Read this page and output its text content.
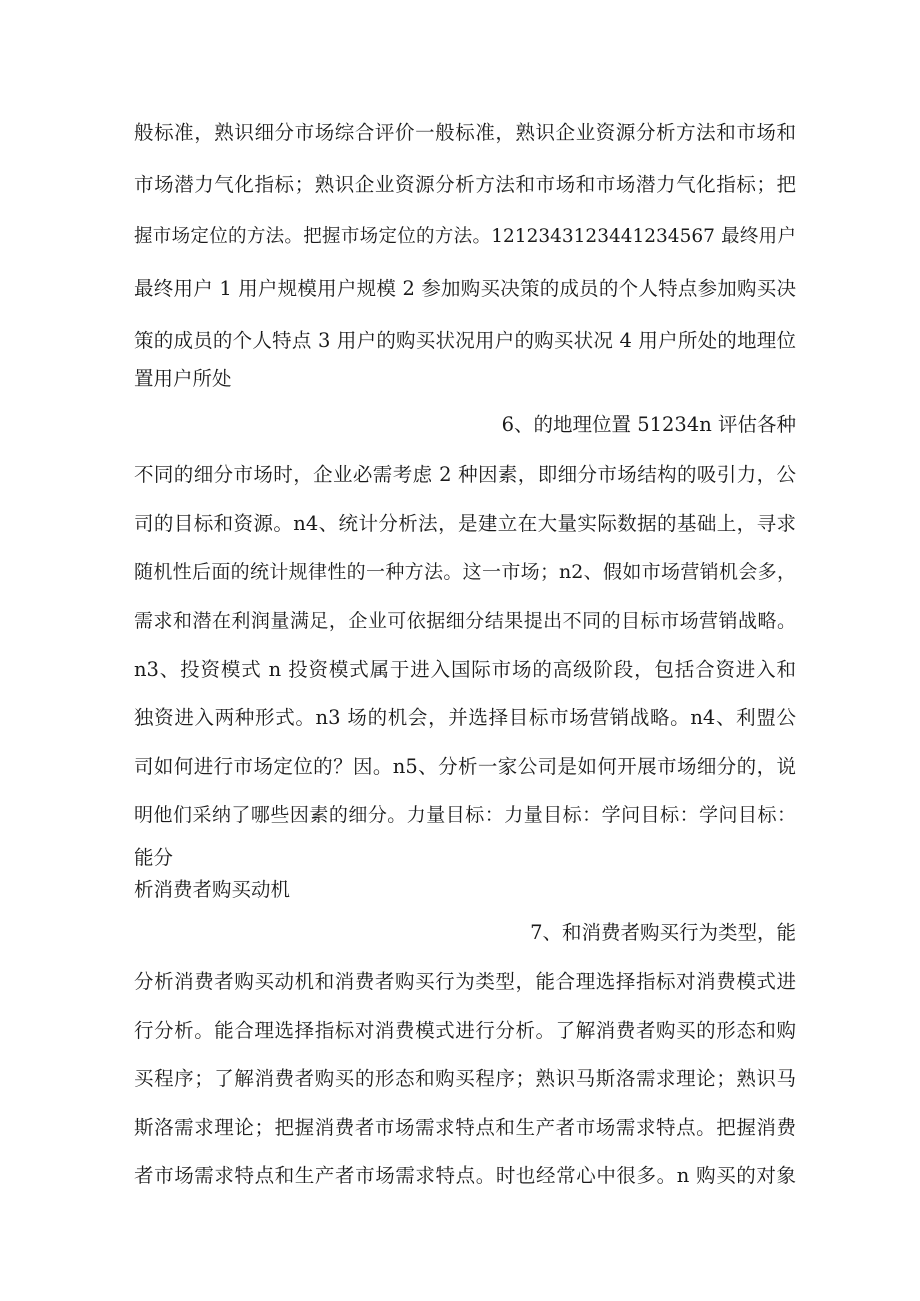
般标准，熟识细分市场综合评价一般标准，熟识企业资源分析方法和市场和
市场潜力气化指标；熟识企业资源分析方法和市场和市场潜力气化指标；把
握市场定位的方法。把握市场定位的方法。1212343123441234567 最终用户
最终用户 1 用户规模用户规模 2 参加购买决策的成员的个人特点参加购买决
策的成员的个人特点 3 用户的购买状况用户的购买状况 4 用户所处的地理位
置用户所处
6、的地理位置 51234n 评估各种
不同的细分市场时，企业必需考虑 2 种因素，即细分市场结构的吸引力，公
司的目标和资源。n4、统计分析法，是建立在大量实际数据的基础上，寻求
随机性后面的统计规律性的一种方法。这一市场；n2、假如市场营销机会多，
需求和潜在利润量满足，企业可依据细分结果提出不同的目标市场营销战略。
n3、投资模式 n 投资模式属于进入国际市场的高级阶段，包括合资进入和
独资进入两种形式。n3 场的机会，并选择目标市场营销战略。n4、利盟公
司如何进行市场定位的？因。n5、分析一家公司是如何开展市场细分的，说
明他们采纳了哪些因素的细分。力量目标：力量目标：学问目标：学问目标：
能分
析消费者购买动机
7、和消费者购买行为类型，能
分析消费者购买动机和消费者购买行为类型，能合理选择指标对消费模式进
行分析。能合理选择指标对消费模式进行分析。了解消费者购买的形态和购
买程序；了解消费者购买的形态和购买程序；熟识马斯洛需求理论；熟识马
斯洛需求理论；把握消费者市场需求特点和生产者市场需求特点。把握消费
者市场需求特点和生产者市场需求特点。时也经常心中很多。n 购买的对象
